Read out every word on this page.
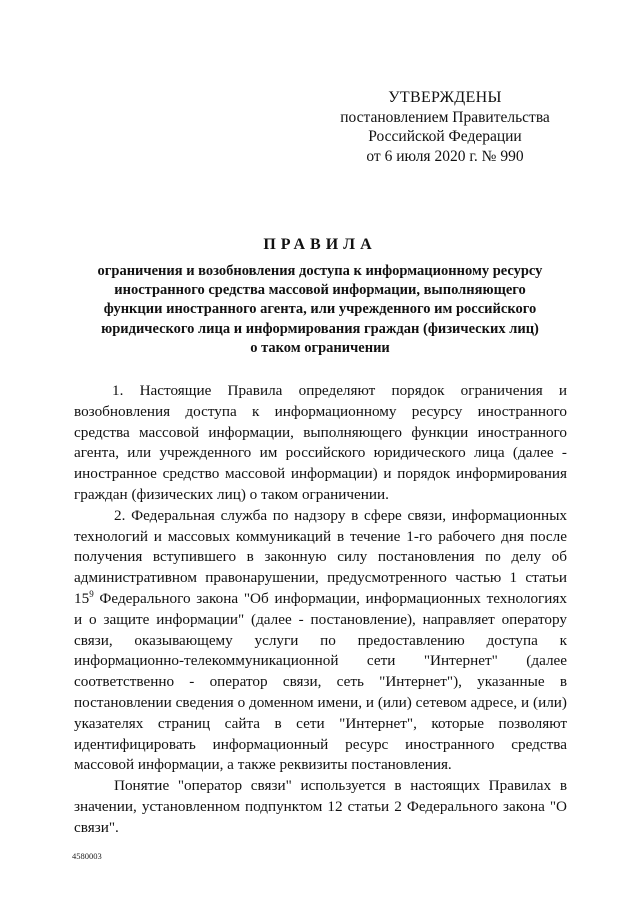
УТВЕРЖДЕНЫ
постановлением Правительства
Российской Федерации
от 6 июля 2020 г. № 990
ПРАВИЛА
ограничения и возобновления доступа к информационному ресурсу
иностранного средства массовой информации, выполняющего
функции иностранного агента, или учрежденного им российского
юридического лица и информирования граждан (физических лиц)
о таком ограничении

1. Настоящие Правила определяют порядок ограничения и возобновления доступа к информационному ресурсу иностранного средства массовой информации, выполняющего функции иностранного агента, или учрежденного им российского юридического лица (далее - иностранное средство массовой информации) и порядок информирования граждан (физических лиц) о таком ограничении.

2. Федеральная служба по надзору в сфере связи, информационных технологий и массовых коммуникаций в течение 1-го рабочего дня после получения вступившего в законную силу постановления по делу об административном правонарушении, предусмотренного частью 1 статьи $15^9$ Федерального закона "Об информации, информационных технологиях и о защите информации" (далее - постановление), направляет оператору связи, оказывающему услуги по предоставлению доступа к информационно-телекоммуникационной сети "Интернет" (далее соответственно - оператор связи, сеть "Интернет"), указанные в постановлении сведения о доменном имени, и (или) сетевом адресе, и (или) указателях страниц сайта в сети "Интернет", которые позволяют идентифицировать информационный ресурс иностранного средства массовой информации, а также реквизиты постановления.

Понятие "оператор связи" используется в настоящих Правилах в значении, установленном подпунктом 12 статьи 2 Федерального закона "О связи".

4580003
